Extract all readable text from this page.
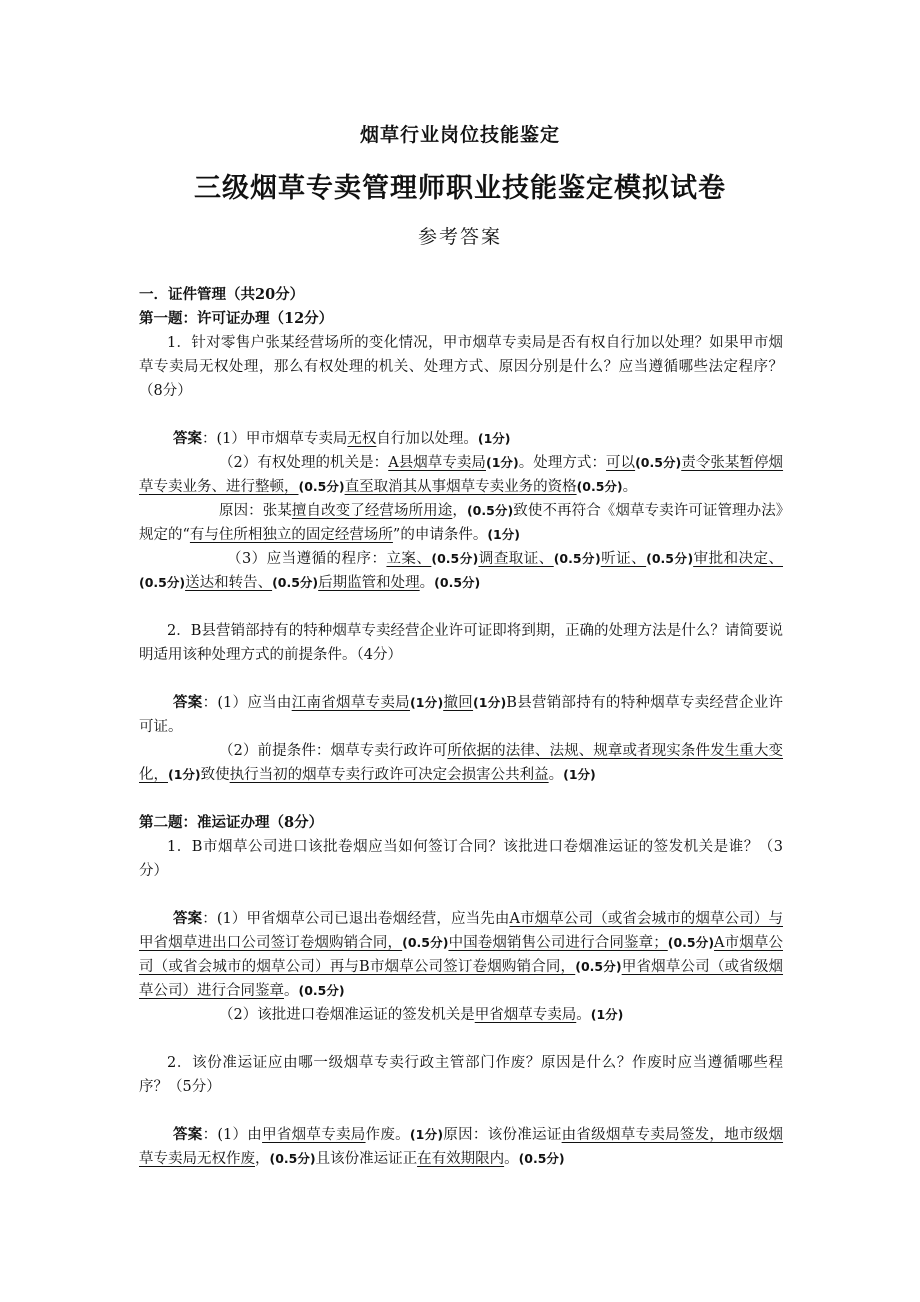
烟草行业岗位技能鉴定
三级烟草专卖管理师职业技能鉴定模拟试卷
参考答案

一．证件管理（共20分）

第一题：许可证办理（12分）

1．针对零售户张某经营场所的变化情况，甲市烟草专卖局是否有权自行加以处理？如果甲市烟草专卖局无权处理，那么有权处理的机关、处理方式、原因分别是什么？应当遵循哪些法定程序？（8分）

答案：(1）甲市烟草专卖局无权自行加以处理。(1分)

（2）有权处理的机关是：A县烟草专卖局(1分)。处理方式：可以(0.5分)责令张某暂停烟草专卖业务、进行整顿，(0.5分)直至取消其从事烟草专卖业务的资格(0.5分)。

原因：张某擅自改变了经营场所用途，(0.5分)致使不再符合《烟草专卖许可证管理办法》规定的“有与住所相独立的固定经营场所”的申请条件。(1分)

（3）应当遵循的程序：立案、(0.5分)调查取证、(0.5分)听证、(0.5分)审批和决定、(0.5分)送达和转告、(0.5分)后期监管和处理。(0.5分)

2．B县营销部持有的特种烟草专卖经营企业许可证即将到期，正确的处理方法是什么？请简要说明适用该种处理方式的前提条件。（4分）

答案：(1）应当由江南省烟草专卖局(1分)撤回(1分)B县营销部持有的特种烟草专卖经营企业许可证。

（2）前提条件：烟草专卖行政许可所依据的法律、法规、规章或者现实条件发生重大变化，(1分)致使执行当初的烟草专卖行政许可决定会损害公共利益。(1分)

第二题：准运证办理（8分）

1．B市烟草公司进口该批卷烟应当如何签订合同？该批进口卷烟准运证的签发机关是谁？（3分）

答案：(1）甲省烟草公司已退出卷烟经营，应当先由A市烟草公司（或省会城市的烟草公司）与甲省烟草进出口公司签订卷烟购销合同，(0.5分)中国卷烟销售公司进行合同鉴章；(0.5分)A市烟草公司（或省会城市的烟草公司）再与B市烟草公司签订卷烟购销合同，(0.5分)甲省烟草公司（或省级烟草公司）进行合同鉴章。(0.5分)

（2）该批进口卷烟准运证的签发机关是甲省烟草专卖局。(1分)

2．该份准运证应由哪一级烟草专卖行政主管部门作废？原因是什么？作废时应当遵循哪些程序？（5分）

答案：(1）由甲省烟草专卖局作废。(1分)原因：该份准运证由省级烟草专卖局签发，地市级烟草专卖局无权作废，(0.5分)且该份准运证正在有效期限内。(0.5分)
